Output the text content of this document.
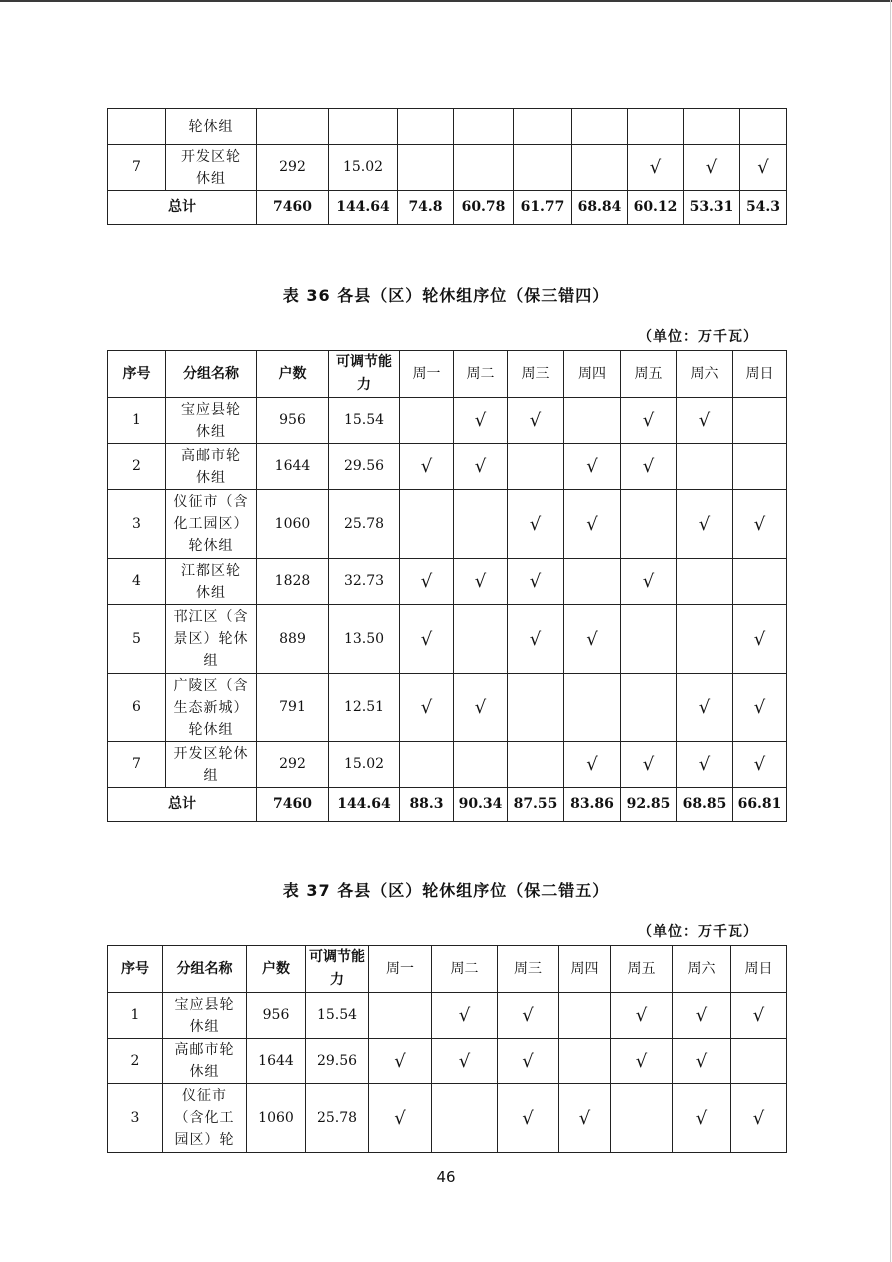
	轮休组									
7	开发区轮休组	292	15.02					√	√	√
总计		7460	144.64	74.8	60.78	61.77	68.84	60.12	53.31	54.3
表 36 各县（区）轮休组序位（保三错四）
（单位：万千瓦）
序号	分组名称	户数	可调节能力	周一	周二	周三	周四	周五	周六	周日
1	宝应县轮休组	956	15.54		√	√		√	√	
2	高邮市轮休组	1644	29.56	√	√		√	√		
3	仪征市（含化工园区）轮休组	1060	25.78			√	√		√	√
4	江都区轮休组	1828	32.73	√	√	√		√		
5	邗江区（含景区）轮休组	889	13.50	√		√	√			√
6	广陵区（含生态新城）轮休组	791	12.51	√	√				√	√
7	开发区轮休组	292	15.02				√	√	√	√
总计		7460	144.64	88.3	90.34	87.55	83.86	92.85	68.85	66.81
表 37 各县（区）轮休组序位（保二错五）
（单位：万千瓦）
序号	分组名称	户数	可调节能力	周一	周二	周三	周四	周五	周六	周日
1	宝应县轮休组	956	15.54		√	√		√	√	√
2	高邮市轮休组	1644	29.56	√	√	√		√	√	
3	仪征市（含化工园区）轮	1060	25.78	√		√	√		√	√
46
